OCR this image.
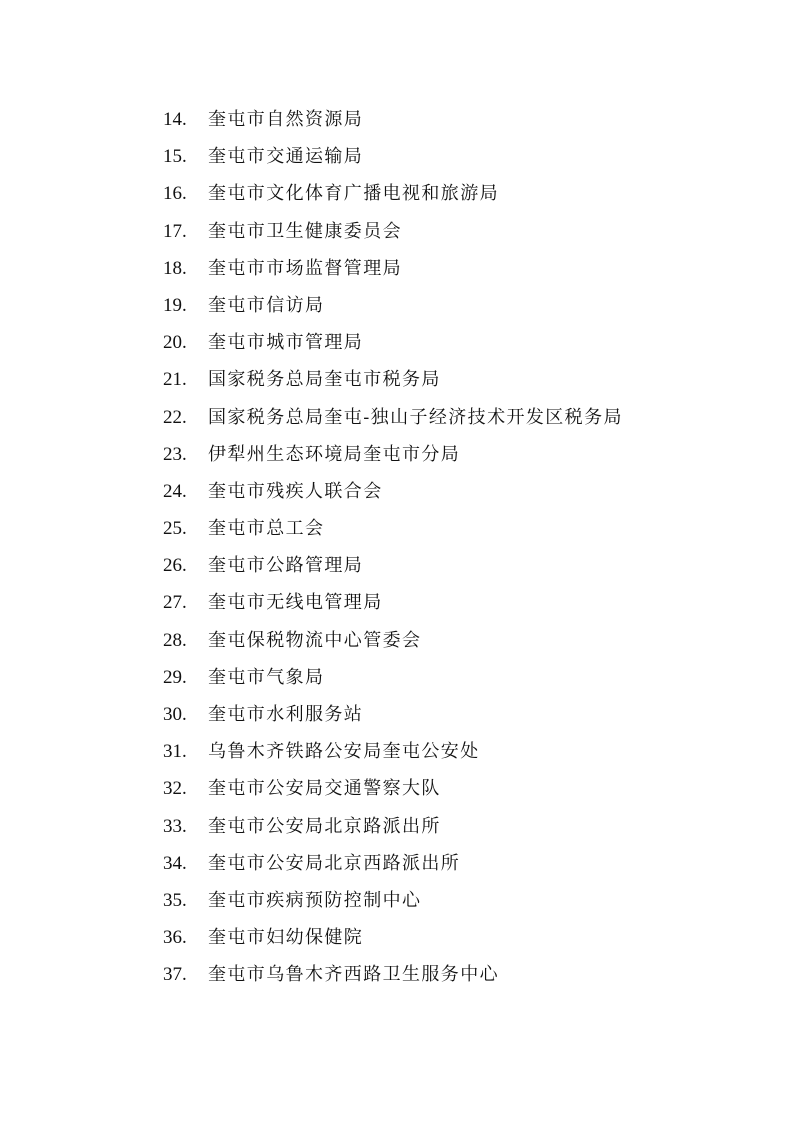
14.	奎屯市自然资源局
15.	奎屯市交通运输局
16.	奎屯市文化体育广播电视和旅游局
17.	奎屯市卫生健康委员会
18.	奎屯市市场监督管理局
19.	奎屯市信访局
20.	奎屯市城市管理局
21.	国家税务总局奎屯市税务局
22.	国家税务总局奎屯-独山子经济技术开发区税务局
23.	伊犁州生态环境局奎屯市分局
24.	奎屯市残疾人联合会
25.	奎屯市总工会
26.	奎屯市公路管理局
27.	奎屯市无线电管理局
28.	奎屯保税物流中心管委会
29.	奎屯市气象局
30.	奎屯市水利服务站
31.	乌鲁木齐铁路公安局奎屯公安处
32.	奎屯市公安局交通警察大队
33.	奎屯市公安局北京路派出所
34.	奎屯市公安局北京西路派出所
35.	奎屯市疾病预防控制中心
36.	奎屯市妇幼保健院
37.	奎屯市乌鲁木齐西路卫生服务中心
